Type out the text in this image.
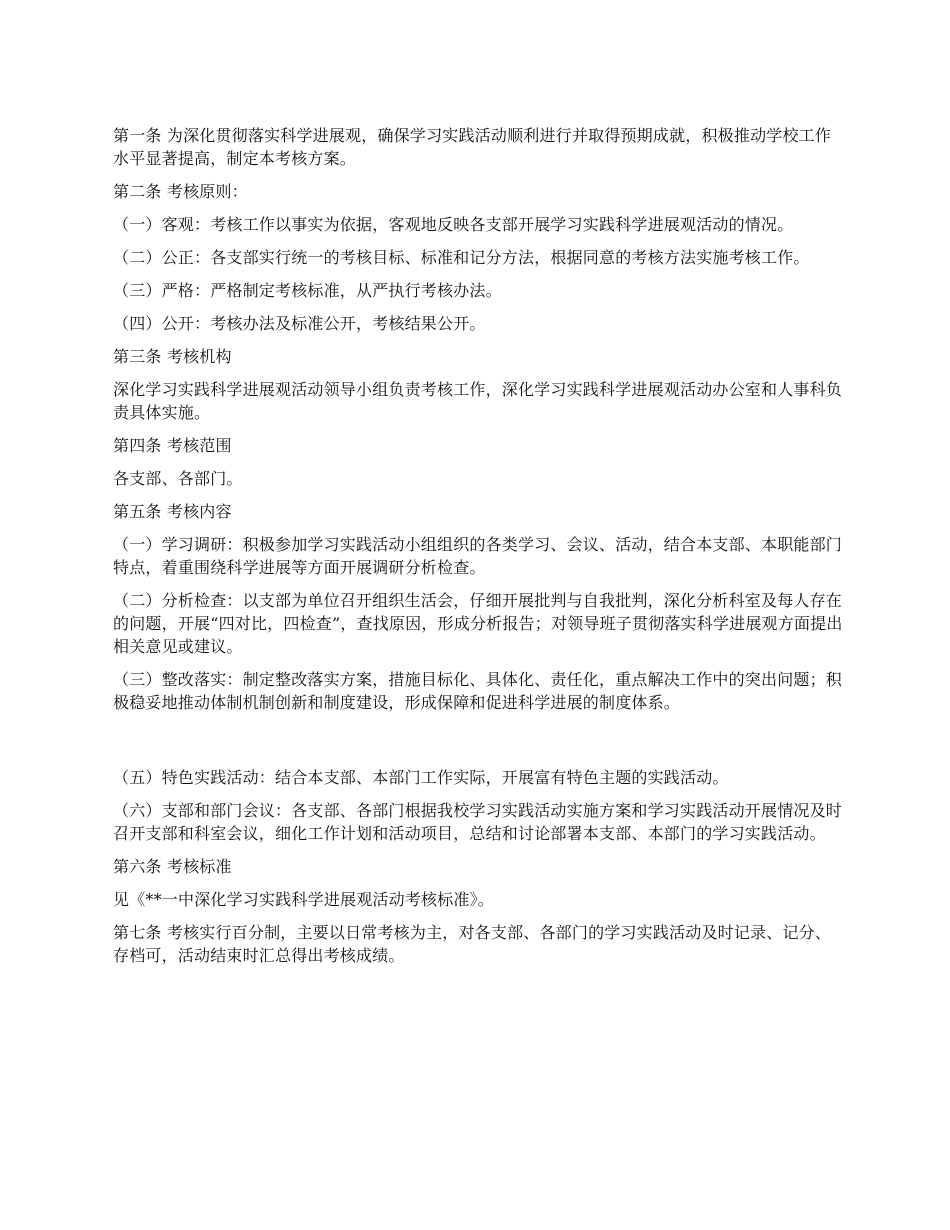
第一条 为深化贯彻落实科学进展观，确保学习实践活动顺利进行并取得预期成就，积极推动学校工作水平显著提高，制定本考核方案。

第二条 考核原则：

（一）客观：考核工作以事实为依据，客观地反映各支部开展学习实践科学进展观活动的情况。

（二）公正：各支部实行统一的考核目标、标准和记分方法，根据同意的考核方法实施考核工作。

（三）严格：严格制定考核标准，从严执行考核办法。

（四）公开：考核办法及标准公开，考核结果公开。

第三条 考核机构

深化学习实践科学进展观活动领导小组负责考核工作，深化学习实践科学进展观活动办公室和人事科负责具体实施。

第四条 考核范围

各支部、各部门。

第五条 考核内容

（一）学习调研：积极参加学习实践活动小组组织的各类学习、会议、活动，结合本支部、本职能部门特点，着重围绕科学进展等方面开展调研分析检查。

（二）分析检查：以支部为单位召开组织生活会，仔细开展批判与自我批判，深化分析科室及每人存在的问题，开展“四对比，四检查”，查找原因，形成分析报告；对领导班子贯彻落实科学进展观方面提出相关意见或建议。

（三）整改落实：制定整改落实方案，措施目标化、具体化、责任化，重点解决工作中的突出问题；积极稳妥地推动体制机制创新和制度建设，形成保障和促进科学进展的制度体系。

（五）特色实践活动：结合本支部、本部门工作实际，开展富有特色主题的实践活动。

（六）支部和部门会议：各支部、各部门根据我校学习实践活动实施方案和学习实践活动开展情况及时召开支部和科室会议，细化工作计划和活动项目，总结和讨论部署本支部、本部门的学习实践活动。

第六条 考核标准

见《**一中深化学习实践科学进展观活动考核标准》。

第七条 考核实行百分制，主要以日常考核为主，对各支部、各部门的学习实践活动及时记录、记分、存档可，活动结束时汇总得出考核成绩。
